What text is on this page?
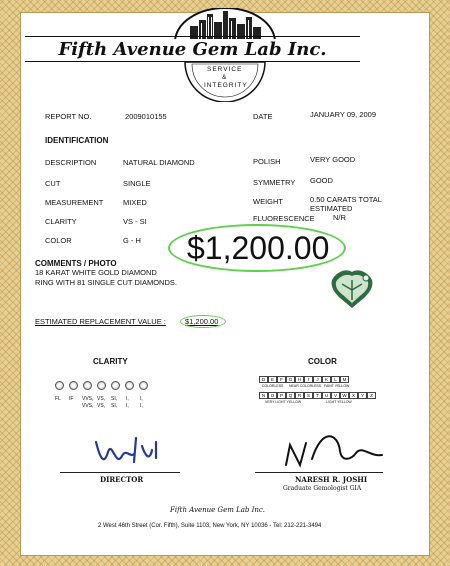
Fifth Avenue Gem Lab Inc.
SERVICE
&
INTEGRITY
REPORT NO.	2009010155	DATE	JANUARY 09, 2009
IDENTIFICATION
DESCRIPTION	NATURAL DIAMOND
CUT	SINGLE
MEASUREMENT	MIXED
CLARITY	VS - SI
COLOR	G - H
POLISH	VERY GOOD
SYMMETRY GOOD
WEIGHT	0.50 CARATS TOTAL
ESTIMATED
FLUORESCENCE N/R
$1,200.00
COMMENTS / PHOTO
18 KARAT WHITE GOLD DIAMOND
RING WITH 81 SINGLE CUT DIAMONDS.
ESTIMATED REPLACEMENT VALUE :	$1,200.00
CLARITY
FL IF VVS, VS, SI, I, I,
VVS, VS, SI, I, I,
COLOR
D	E	F	G	H	I	J	K	L	M
COLORLESS NEAR COLORLESS FAINT YELLOW
N	O	P	Q	R	S	T	U	V	W	X	Y	Z
VERY LIGHT YELLOW	LIGHT YELLOW
DIRECTOR	NARESH R. JOSHI
Graduate Gemologist GIA
Fifth Avenue Gem Lab Inc.
2 West 46th Street (Cor. Fifth), Suite 1103, New York, NY 10036 - Tel: 212-221-3494
